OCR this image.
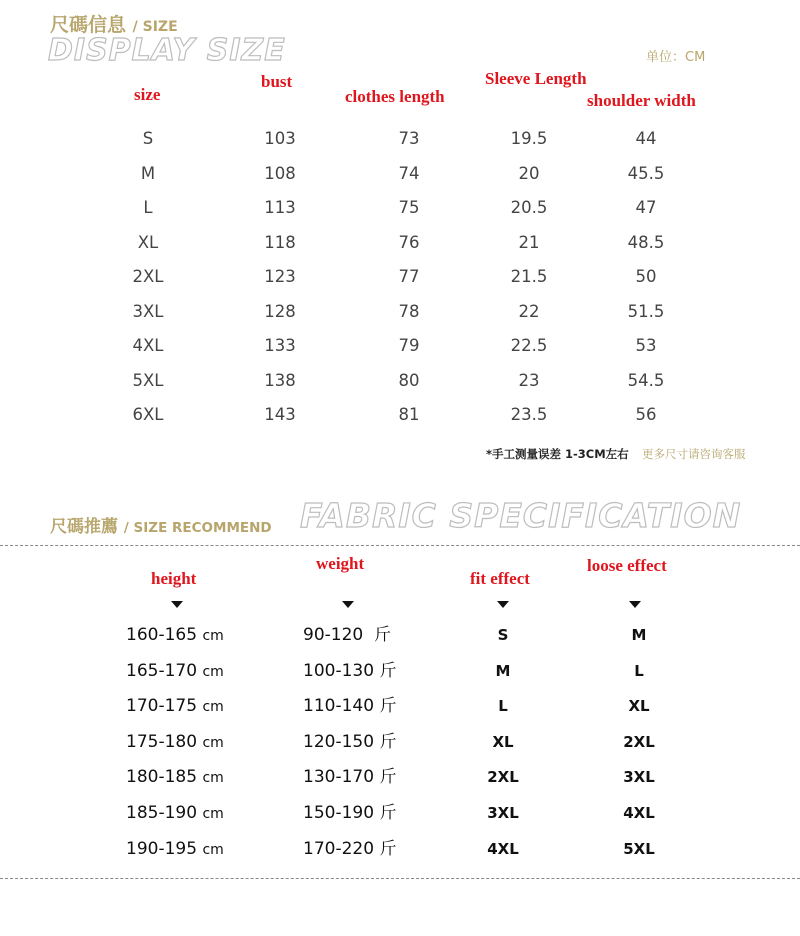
尺碼信息 / SIZE
DISPLAY SIZE	单位：CM
size
bust
clothes length
Sleeve Length
shoulder width
S	103	73	19.5	44
M	108	74	20	45.5
L	113	75	20.5	47
XL	118	76	21	48.5
2XL	123	77	21.5	50
3XL	128	78	22	51.5
4XL	133	79	22.5	53
5XL	138	80	23	54.5
6XL	143	81	23.5	56
*手工测量误差 1-3CM左右 更多尺寸请咨询客服
尺碼推薦 / SIZE RECOMMEND FABRIC SPECIFICATION
height
weight
fit effect
loose effect
160-165 cm	90-120 斤	S	M
165-170 cm	100-130 斤	M	L
170-175 cm	110-140 斤	L	XL
175-180 cm	120-150 斤	XL	2XL
180-185 cm	130-170 斤	2XL	3XL
185-190 cm	150-190 斤	3XL	4XL
190-195 cm	170-220 斤	4XL	5XL
